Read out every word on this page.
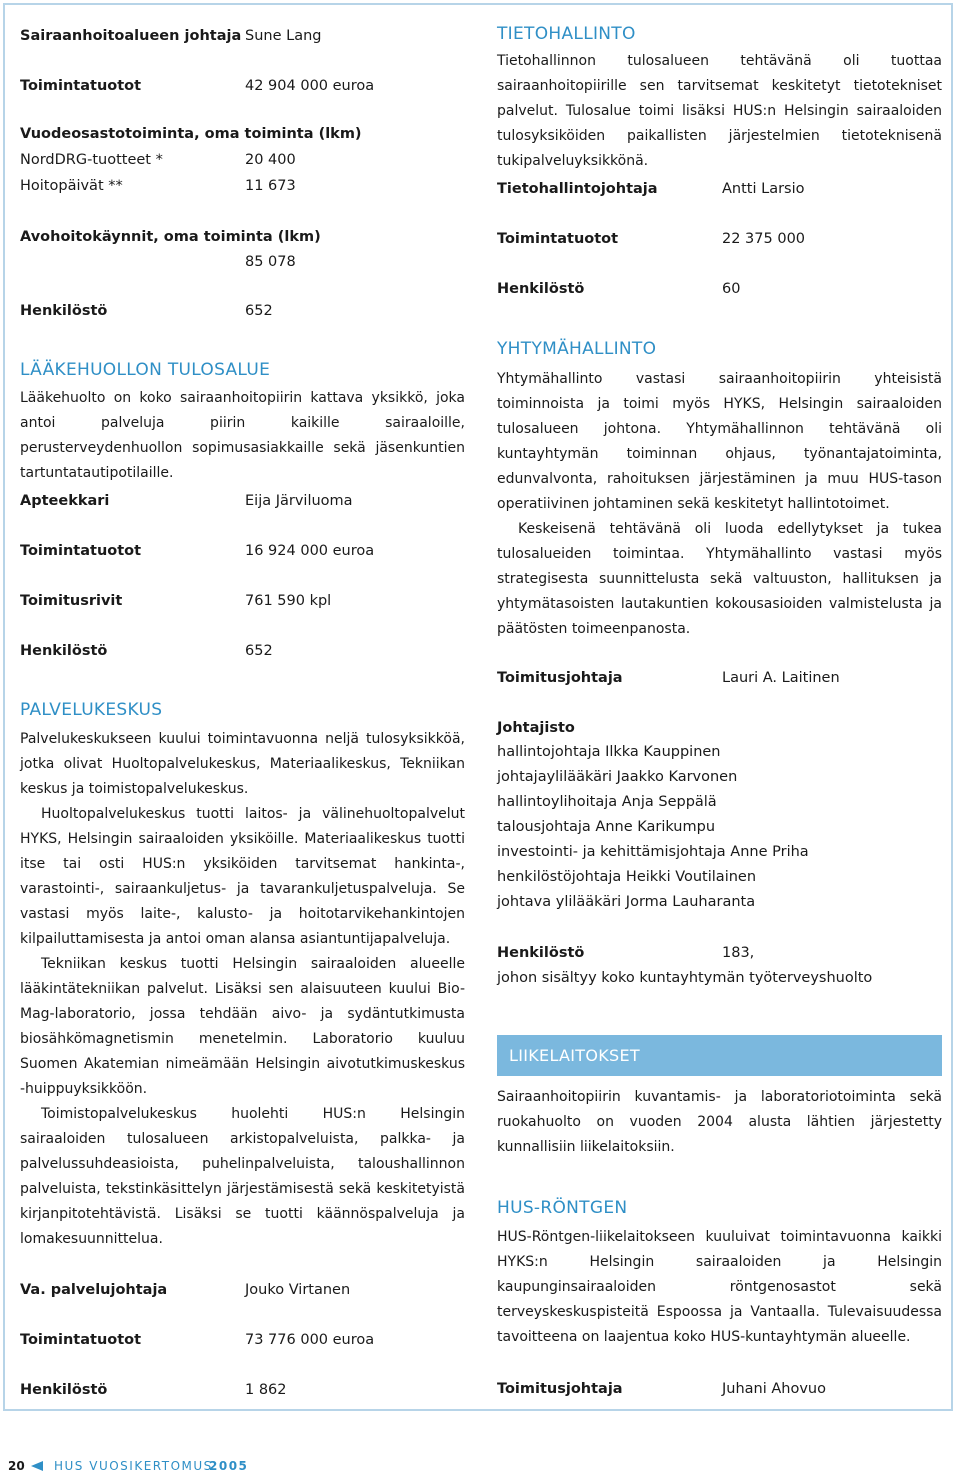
Sairaanhoitoalueen johtaja Sune Lang
Toimintatuotot	42 904 000 euroa
Vuodeosastotoiminta, oma toiminta (lkm)
NordDRG-tuotteet *	20 400
Hoitopäivät **	11 673
Avohoitokäynnit, oma toiminta (lkm)
85 078
Henkilöstö	652
LÄÄKEHUOLLON TULOSALUE

Lääkehuolto on koko sairaanhoitopiirin kattava yksikkö, joka antoi palveluja piirin kaikille sairaaloille, perusterveydenhuollon sopimusasiakkaille sekä jäsenkuntien tartuntatautipotilaille.

Apteekkari	Eija Järviluoma
Toimintatuotot	16 924 000 euroa
Toimitusrivit	761 590 kpl
Henkilöstö	652
PALVELUKESKUS

Palvelukeskukseen kuului toimintavuonna neljä tulosyksikköä, jotka olivat Huoltopalvelukeskus, Materiaalikeskus, Tekniikan keskus ja toimistopalvelukeskus.

Huoltopalvelukeskus tuotti laitos- ja välinehuoltopalvelut HYKS, Helsingin sairaaloiden yksiköille. Materiaalikeskus tuotti itse tai osti HUS:n yksiköiden tarvitsemat hankinta-, varastointi-, sairaankuljetus- ja tavarankuljetuspalveluja. Se vastasi myös laite-, kalusto- ja hoitotarvikehankintojen kilpailuttamisesta ja antoi oman alansa asiantuntijapalveluja.

Tekniikan keskus tuotti Helsingin sairaaloiden alueelle lääkintätekniikan palvelut. Lisäksi sen alaisuuteen kuului Bio-Mag-laboratorio, jossa tehdään aivo- ja sydäntutkimusta biosähkömagnetismin menetelmin. Laboratorio kuuluu Suomen Akatemian nimeämään Helsingin aivotutkimuskeskus -huippuyksikköön.

Toimistopalvelukeskus huolehti HUS:n Helsingin sairaaloiden tulosalueen arkistopalveluista, palkka- ja palvelussuhdeasioista, puhelinpalveluista, taloushallinnon palveluista, tekstinkäsittelyn järjestämisestä sekä keskitetyistä kirjanpitotehtävistä. Lisäksi se tuotti käännöspalveluja ja lomakesuunnittelua.

Va. palvelujohtaja	Jouko Virtanen
Toimintatuotot	73 776 000 euroa
Henkilöstö	1 862
TIETOHALLINTO

Tietohallinnon tulosalueen tehtävänä oli tuottaa sairaanhoitopiirille sen tarvitsemat keskitetyt tietotekniset palvelut. Tulosalue toimi lisäksi HUS:n Helsingin sairaaloiden tulosyksiköiden paikallisten järjestelmien tietoteknisenä tukipalveluyksikkönä.

Tietohallintojohtaja	Antti Larsio
Toimintatuotot	22 375 000
Henkilöstö	60
YHTYMÄHALLINTO

Yhtymähallinto vastasi sairaanhoitopiirin yhteisistä toiminnoista ja toimi myös HYKS, Helsingin sairaaloiden tulosalueen johtona. Yhtymähallinnon tehtävänä oli kuntayhtymän toiminnan ohjaus, työnantajatoiminta, edunvalvonta, rahoituksen järjestäminen ja muu HUS-tason operatiivinen johtaminen sekä keskitetyt hallintotoimet.

Keskeisenä tehtävänä oli luoda edellytykset ja tukea tulosalueiden toimintaa. Yhtymähallinto vastasi myös strategisesta suunnittelusta sekä valtuuston, hallituksen ja yhtymätasoisten lautakuntien kokousasioiden valmistelusta ja päätösten toimeenpanosta.

Toimitusjohtaja	Lauri A. Laitinen
Johtajisto
hallintojohtaja Ilkka Kauppinen
johtajaylilääkäri Jaakko Karvonen
hallintoylihoitaja Anja Seppälä
talousjohtaja Anne Karikumpu
investointi- ja kehittämisjohtaja Anne Priha
henkilöstöjohtaja Heikki Voutilainen
johtava ylilääkäri Jorma Lauharanta
Henkilöstö	183,
johon sisältyy koko kuntayhtymän työterveyshuolto
LIIKELAITOKSET

Sairaanhoitopiirin kuvantamis- ja laboratoriotoiminta sekä ruokahuolto on vuoden 2004 alusta lähtien järjestetty kunnallisiin liikelaitoksiin.

HUS-RÖNTGEN

HUS-Röntgen-liikelaitokseen kuuluivat toimintavuonna kaikki HYKS:n Helsingin sairaaloiden ja Helsingin kaupunginsairaaloiden röntgenosastot sekä terveyskeskuspisteitä Espoossa ja Vantaalla. Tulevaisuudessa tavoitteena on laajentua koko HUS-kuntayhtymän alueelle.

Toimitusjohtaja	Juhani Ahovuo
20 HUS VUOSIKERTOMUS
2005
